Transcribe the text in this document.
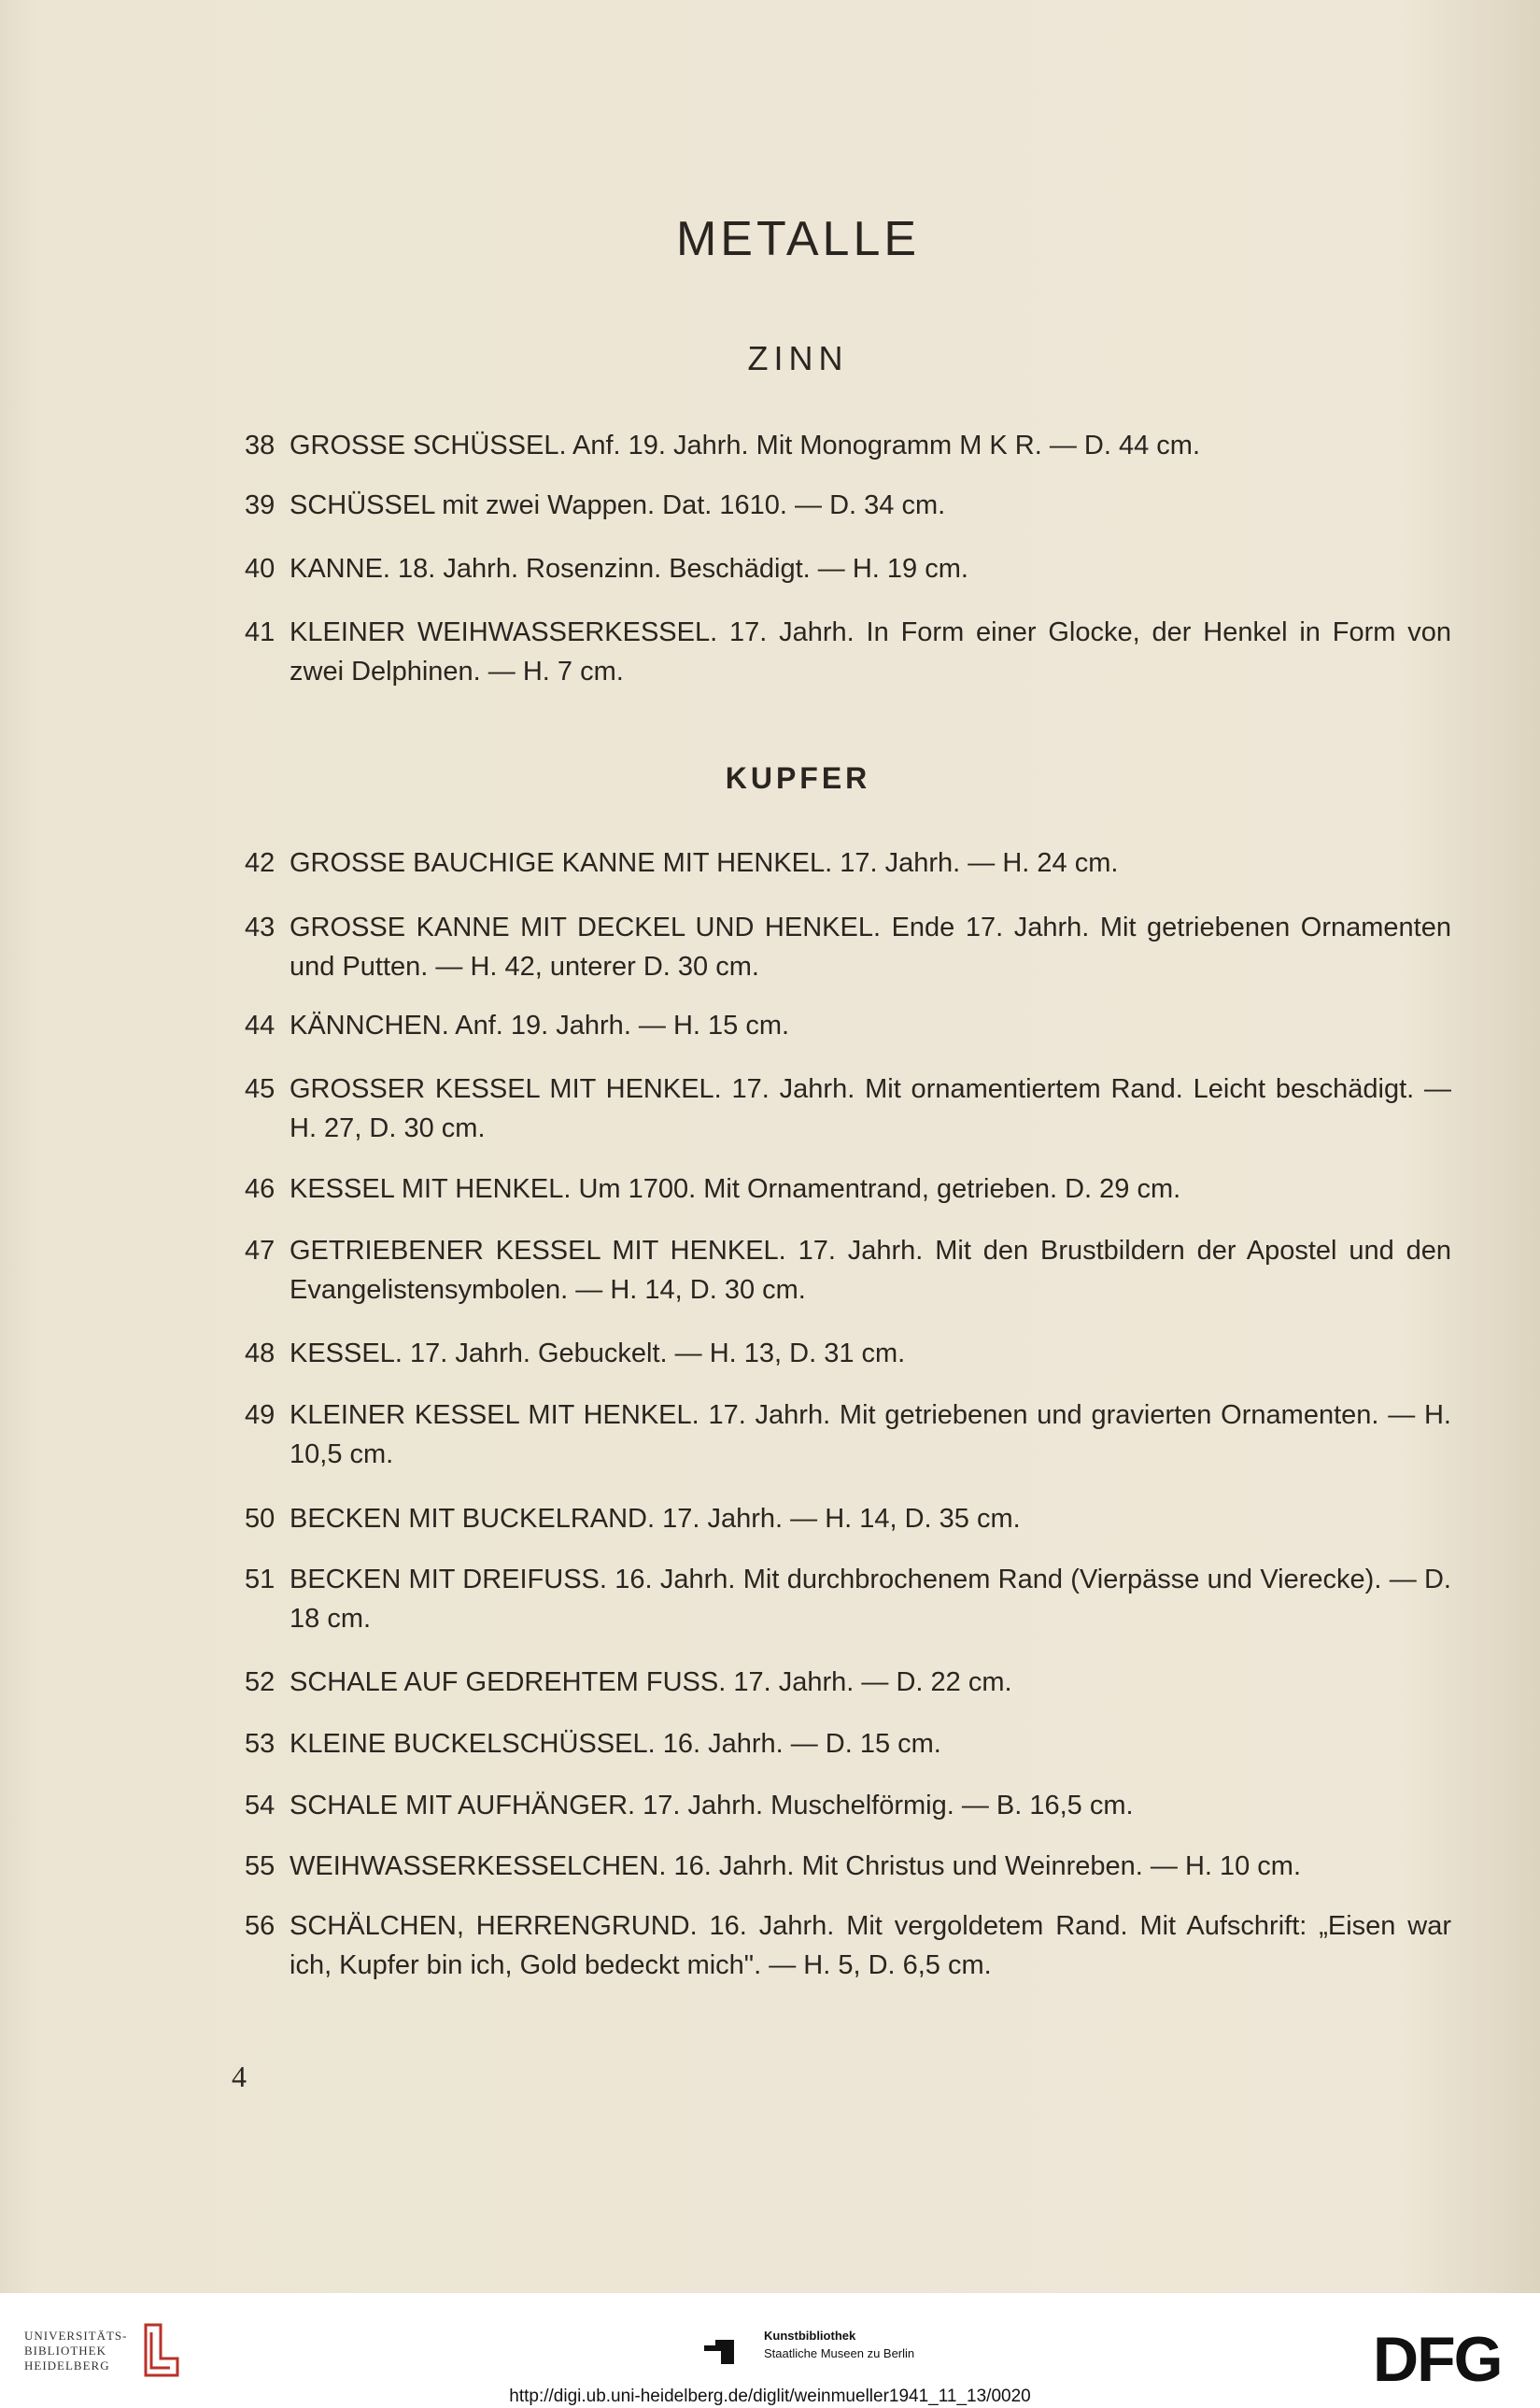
METALLE
ZINN
38 GROSSE SCHÜSSEL. Anf. 19. Jahrh. Mit Monogramm M K R. — D. 44 cm.
39 SCHÜSSEL mit zwei Wappen. Dat. 1610. — D. 34 cm.
40 KANNE. 18. Jahrh. Rosenzinn. Beschädigt. — H. 19 cm.
41 KLEINER WEIHWASSERKESSEL. 17. Jahrh. In Form einer Glocke, der Henkel in Form von zwei Delphinen. — H. 7 cm.
KUPFER
42 GROSSE BAUCHIGE KANNE MIT HENKEL. 17. Jahrh. — H. 24 cm.
43 GROSSE KANNE MIT DECKEL UND HENKEL. Ende 17. Jahrh. Mit getriebenen Ornamenten und Putten. — H. 42, unterer D. 30 cm.
44 KÄNNCHEN. Anf. 19. Jahrh. — H. 15 cm.
45 GROSSER KESSEL MIT HENKEL. 17. Jahrh. Mit ornamentiertem Rand. Leicht beschädigt. — H. 27, D. 30 cm.
46 KESSEL MIT HENKEL. Um 1700. Mit Ornamentrand, getrieben. D. 29 cm.
47 GETRIEBENER KESSEL MIT HENKEL. 17. Jahrh. Mit den Brustbildern der Apostel und den Evangelistensymbolen. — H. 14, D. 30 cm.
48 KESSEL. 17. Jahrh. Gebuckelt. — H. 13, D. 31 cm.
49 KLEINER KESSEL MIT HENKEL. 17. Jahrh. Mit getriebenen und gravierten Ornamenten. — H. 10,5 cm.
50 BECKEN MIT BUCKELRAND. 17. Jahrh. — H. 14, D. 35 cm.
51 BECKEN MIT DREIFUSS. 16. Jahrh. Mit durchbrochenem Rand (Vierpässe und Vierecke). — D. 18 cm.
52 SCHALE AUF GEDREHTEM FUSS. 17. Jahrh. — D. 22 cm.
53 KLEINE BUCKELSCHÜSSEL. 16. Jahrh. — D. 15 cm.
54 SCHALE MIT AUFHÄNGER. 17. Jahrh. Muschelförmig. — B. 16,5 cm.
55 WEIHWASSERKESSELCHEN. 16. Jahrh. Mit Christus und Weinreben. — H. 10 cm.
56 SCHÄLCHEN, HERRENGRUND. 16. Jahrh. Mit vergoldetem Rand. Mit Aufschrift: „Eisen war ich, Kupfer bin ich, Gold bedeckt mich". — H. 5, D. 6,5 cm.
4
UNIVERSITÄTS-
BIBLIOTHEK
HEIDELBERG
Kunstbibliothek
Staatliche Museen zu Berlin	DFG
http://digi.ub.uni-heidelberg.de/diglit/weinmueller1941_11_13/0020
